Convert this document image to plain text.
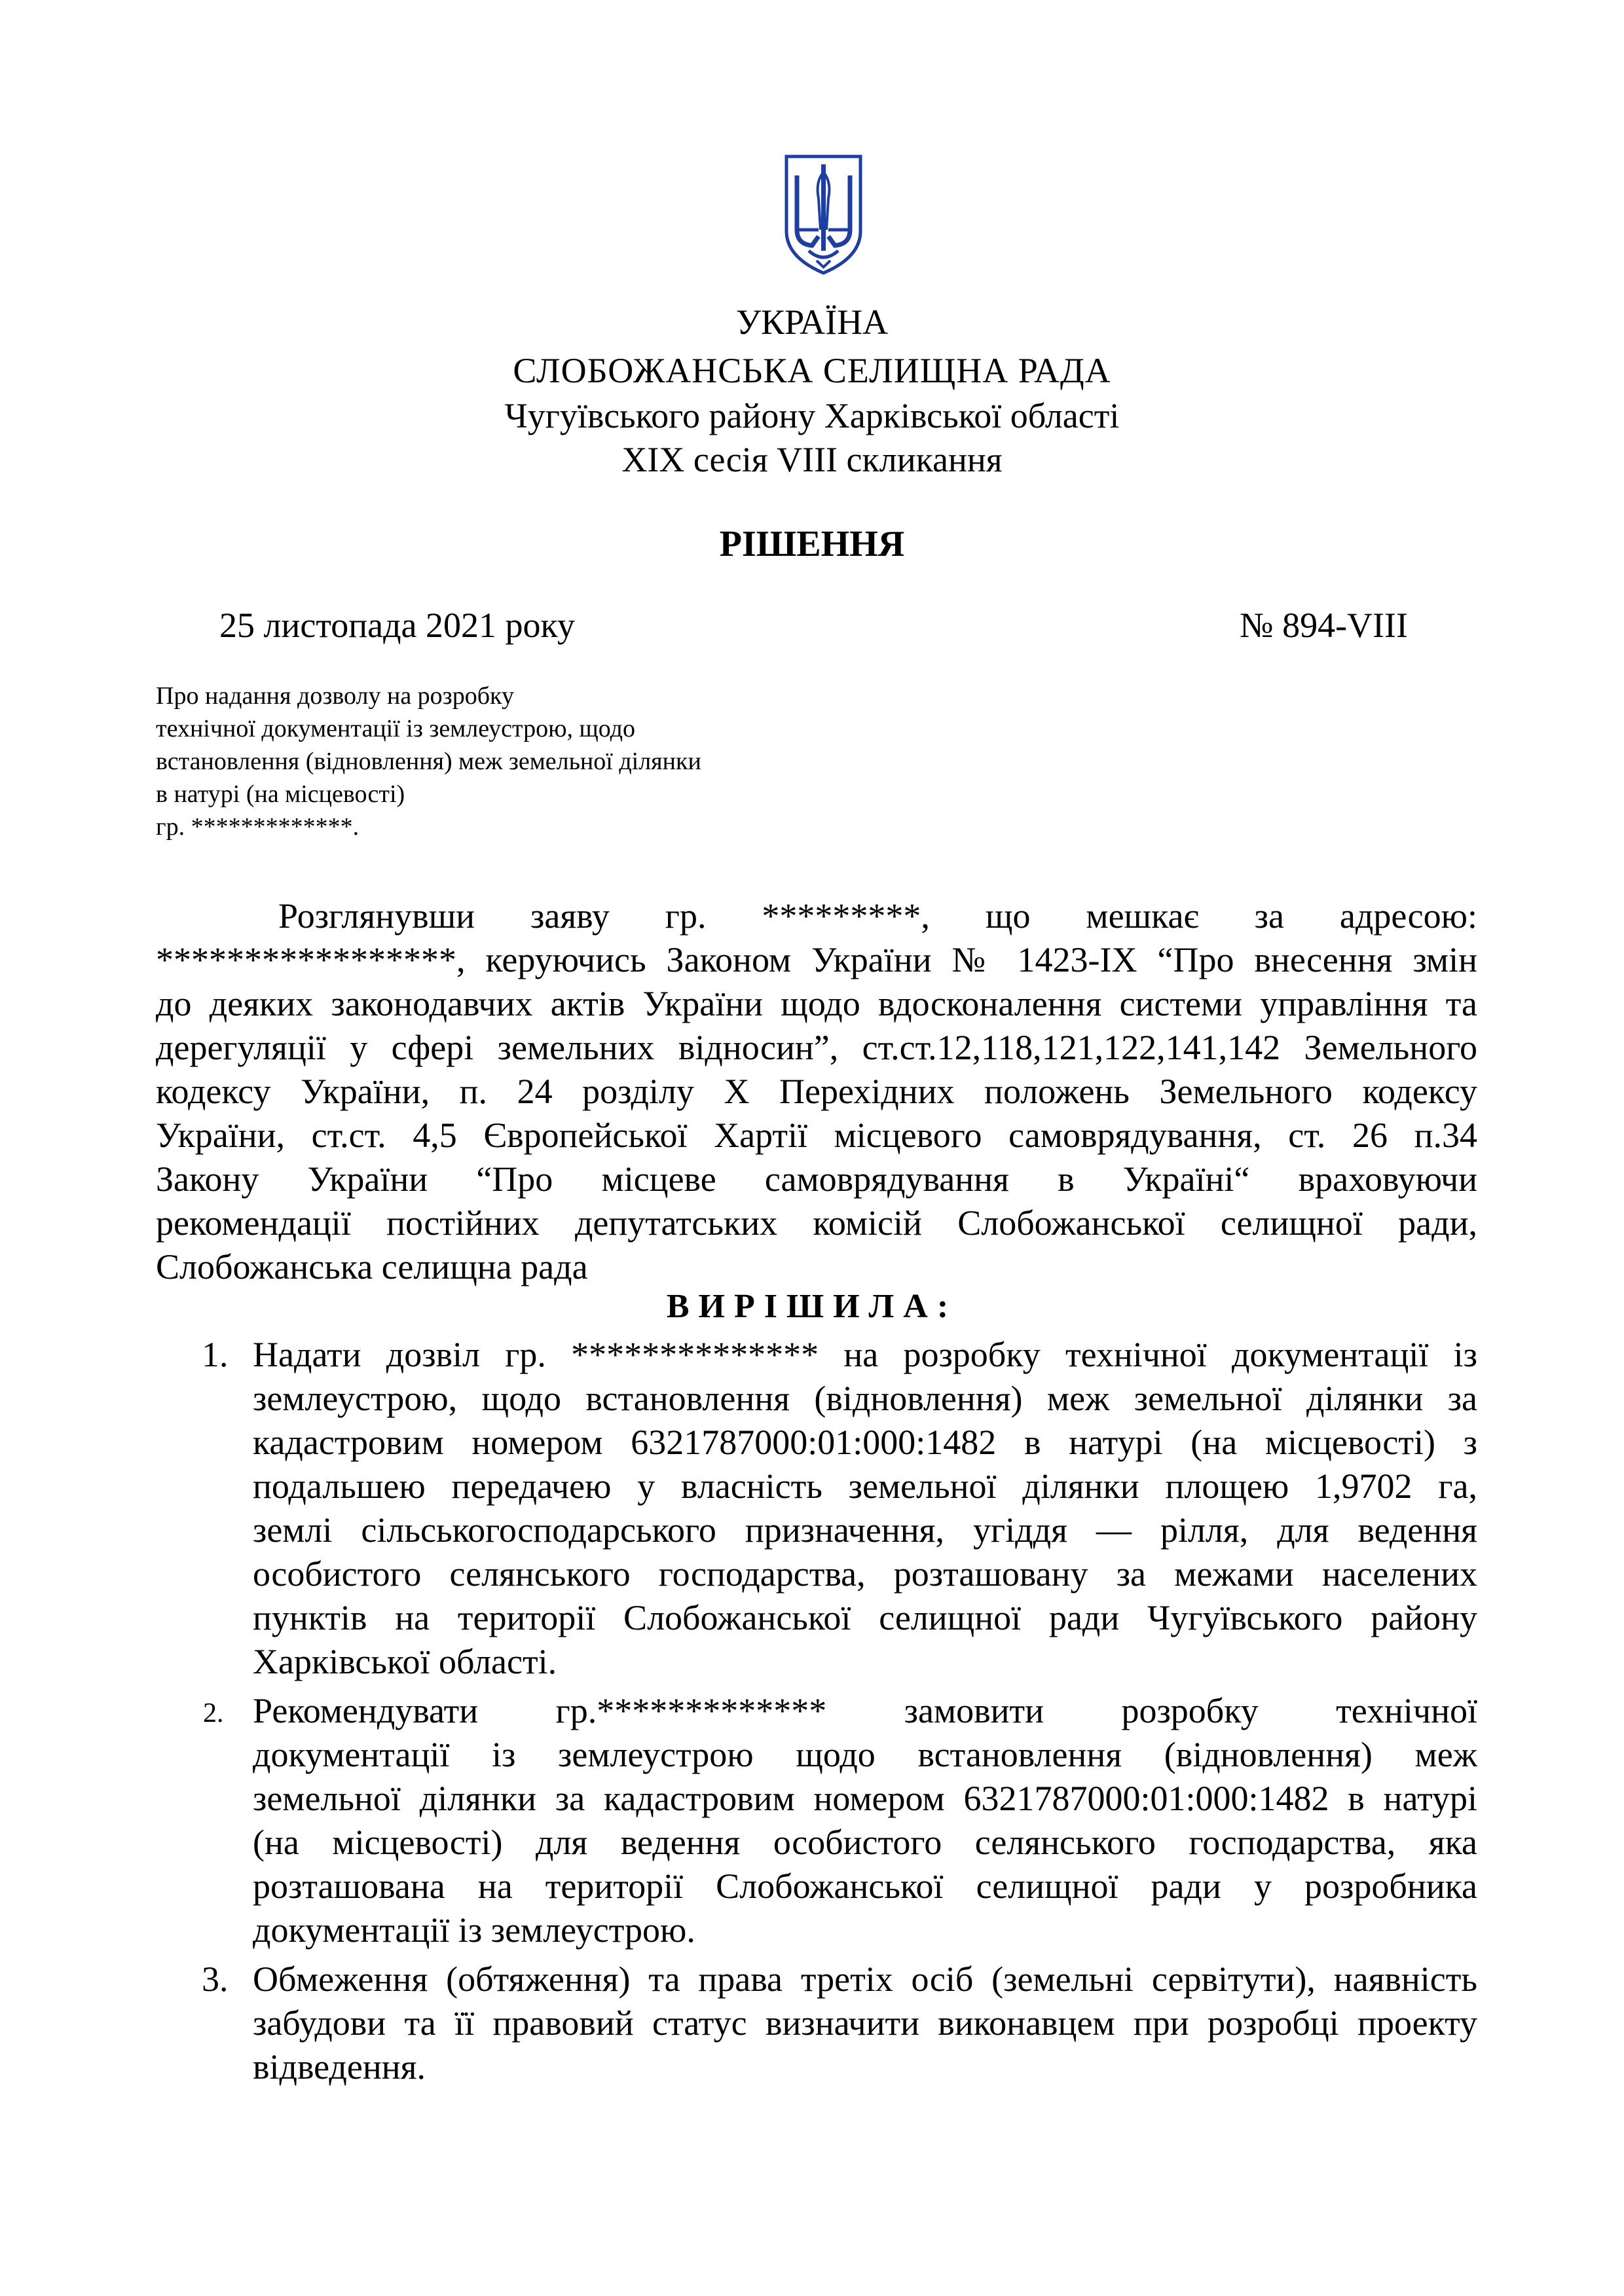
УКРАЇНА
СЛОБОЖАНСЬКА СЕЛИЩНА РАДА
Чугуївського району Харківської області
XIX сесія VIII скликання
РІШЕННЯ
25 листопада 2021 року	№ 894-VIII
Про надання дозволу на розробку
технічної документації із землеустрою, щодо
встановлення (відновлення) меж земельної ділянки
в натурі (на місцевості)
гр. *************.
Розглянувши заяву гр. *********, що мешкає за адресою:
*****************, керуючись Законом України № 1423-IX “Про внесення змін
до деяких законодавчих актів України щодо вдосконалення системи управління та
дерегуляції у сфері земельних відносин”, ст.ст.12,118,121,122,141,142 Земельного
кодексу України, п. 24 розділу X Перехідних положень Земельного кодексу
України, ст.ст. 4,5 Європейської Хартії місцевого самоврядування, ст. 26 п.34
Закону України “Про місцеве самоврядування в Україні“ враховуючи
рекомендації постійних депутатських комісій Слобожанської селищної ради,
Слобожанська селищна рада
ВИРІШИЛА:
1. Надати дозвіл гр. ************** на розробку технічної документації із
землеустрою, щодо встановлення (відновлення) меж земельної ділянки за
кадастровим номером 6321787000:01:000:1482 в натурі (на місцевості) з
подальшею передачею у власність земельної ділянки площею 1,9702 га,
землі сільськогосподарського призначення, угіддя — рілля, для ведення
особистого селянського господарства, розташовану за межами населених
пунктів на території Слобожанської селищної ради Чугуївського району
Харківської області.
2. Рекомендувати гр.************* замовити розробку технічної
документації із землеустрою щодо встановлення (відновлення) меж
земельної ділянки за кадастровим номером 6321787000:01:000:1482 в натурі
(на місцевості) для ведення особистого селянського господарства, яка
розташована на території Слобожанської селищної ради у розробника
документації із землеустрою.
3. Обмеження (обтяження) та права третіх осіб (земельні сервітути), наявність
забудови та її правовий статус визначити виконавцем при розробці проекту
відведення.
